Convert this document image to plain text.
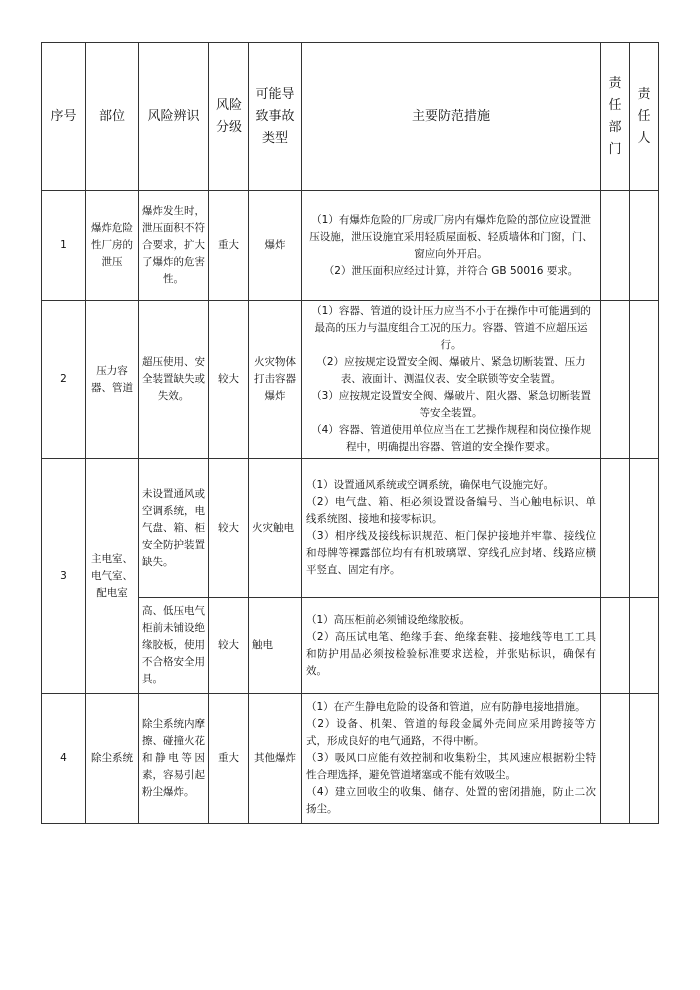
序号	部位	风险辨识	风险分级	可能导致事故类型	主要防范措施	责任部门	责任人
1	爆炸危险性厂房的泄压	爆炸发生时，泄压面积不符合要求，扩大了爆炸的危害性。	重大	爆炸	（1）有爆炸危险的厂房或厂房内有爆炸危险的部位应设置泄压设施，泄压设施宜采用轻质屋面板、轻质墙体和门窗，门、窗应向外开启。
（2）泄压面积应经过计算，并符合 GB 50016 要求。		

2	压力容器、管道	超压使用、安全装置缺失或失效。	较大	火灾物体打击容器爆炸	（1）容器、管道的设计压力应当不小于在操作中可能遇到的最高的压力与温度组合工况的压力。容器、管道不应超压运行。
（2）应按规定设置安全阀、爆破片、紧急切断装置、压力表、液面计、测温仪表、安全联锁等安全装置。
（3）应按规定设置安全阀、爆破片、阻火器、紧急切断装置等安全装置。
（4）容器、管道使用单位应当在工艺操作规程和岗位操作规程中，明确提出容器、管道的安全操作要求。		

3	主电室、电气室、配电室	未设置通风或空调系统，电气盘、箱、柜安全防护装置缺失。	较大	火灾触电	（1）设置通风系统或空调系统，确保电气设施完好。
（2）电气盘、箱、柜必须设置设备编号、当心触电标识、单线系统图、接地和接零标识。
（3）相序线及接线标识规范、柜门保护接地并牢靠、接线位和母牌等裸露部位均有有机玻璃罩、穿线孔应封堵、线路应横平竖直、固定有序。		

		高、低压电气柜前未铺设绝缘胶板，使用不合格安全用具。	较大	触电	（1）高压柜前必须铺设绝缘胶板。
（2）高压试电笔、绝缘手套、绝缘套鞋、接地线等电工工具和防护用品必须按检验标准要求送检，并张贴标识，确保有效。		

4	除尘系统	除尘系统内摩擦、碰撞火花和静电等因素，容易引起粉尘爆炸。	重大	其他爆炸	（1）在产生静电危险的设备和管道，应有防静电接地措施。
（2）设备、机架、管道的每段金属外壳间应采用跨接等方式，形成良好的电气通路，不得中断。
（3）吸风口应能有效控制和收集粉尘，其风速应根据粉尘特性合理选择，避免管道堵塞或不能有效吸尘。
（4）建立回收尘的收集、储存、处置的密闭措施，防止二次扬尘。		
